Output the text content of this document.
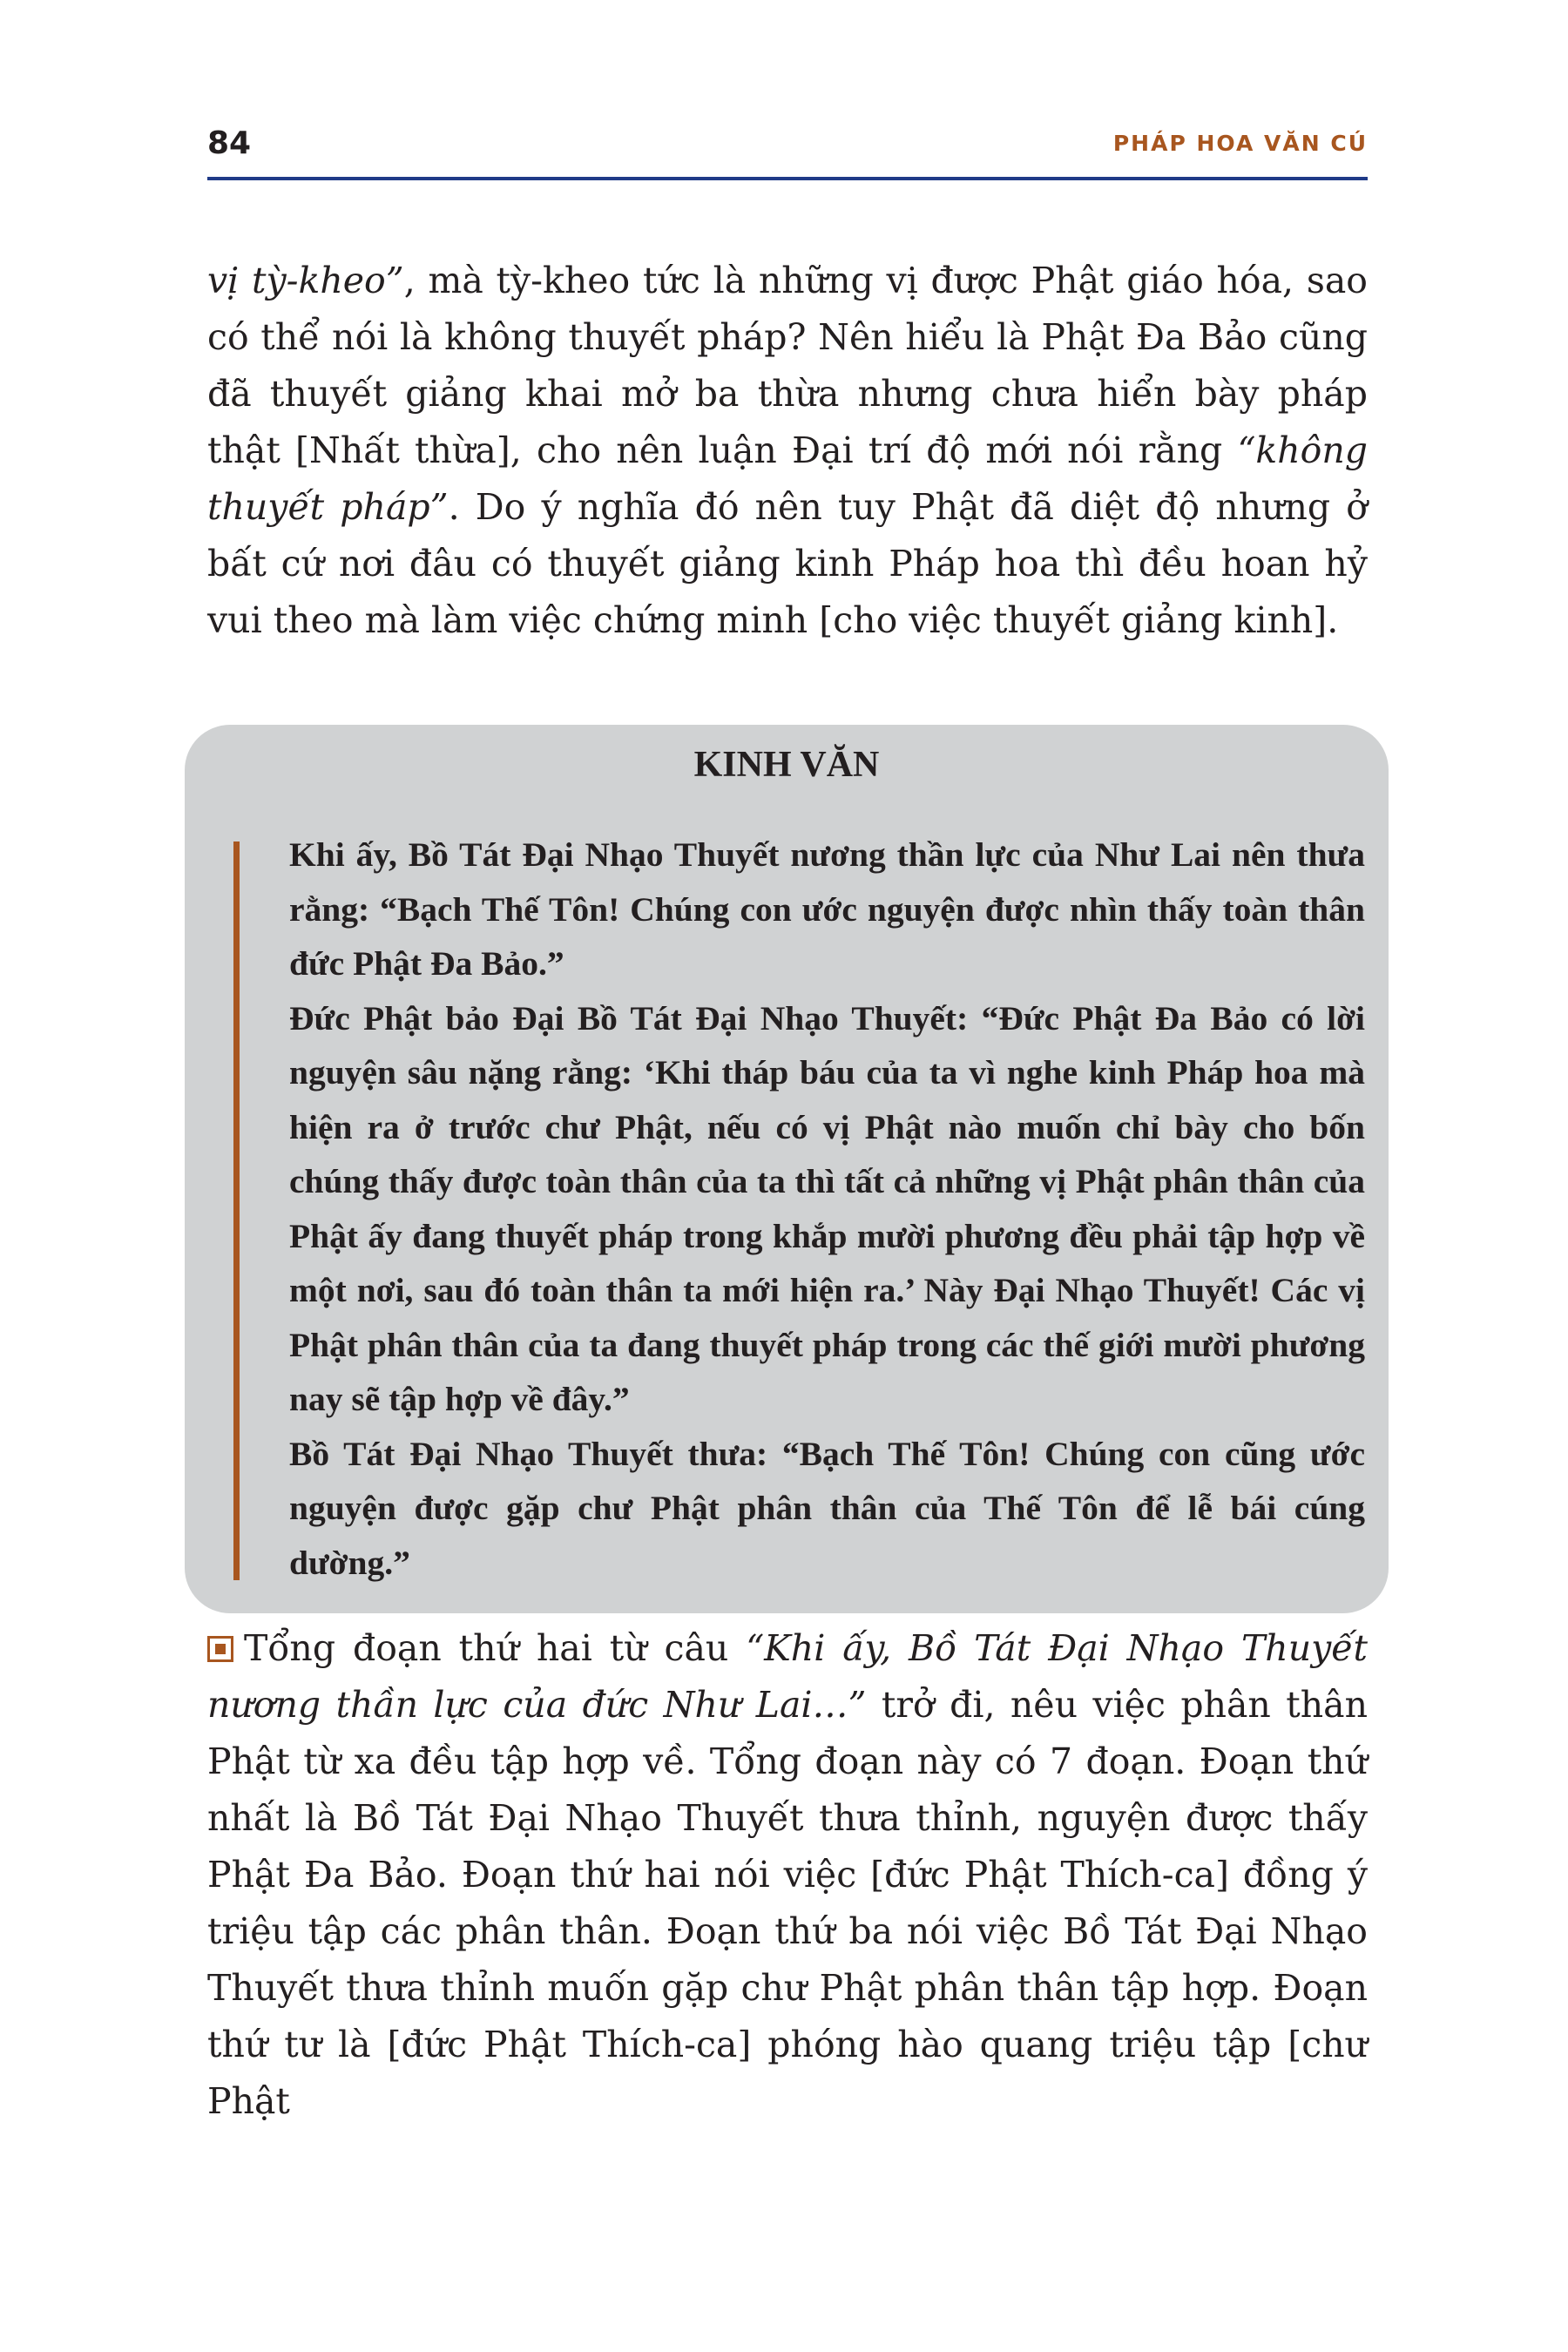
84	PHÁP HOA VĂN CÚ

vị tỳ-kheo”, mà tỳ-kheo tức là những vị được Phật giáo hóa, sao có thể nói là không thuyết pháp? Nên hiểu là Phật Đa Bảo cũng đã thuyết giảng khai mở ba thừa nhưng chưa hiển bày pháp thật [Nhất thừa], cho nên luận Đại trí độ mới nói rằng “không thuyết pháp”. Do ý nghĩa đó nên tuy Phật đã diệt độ nhưng ở bất cứ nơi đâu có thuyết giảng kinh Pháp hoa thì đều hoan hỷ vui theo mà làm việc chứng minh [cho việc thuyết giảng kinh].

KINH VĂN

Khi ấy, Bồ Tát Đại Nhạo Thuyết nương thần lực của Như Lai nên thưa rằng: “Bạch Thế Tôn! Chúng con ước nguyện được nhìn thấy toàn thân đức Phật Đa Bảo.”

Đức Phật bảo Đại Bồ Tát Đại Nhạo Thuyết: “Đức Phật Đa Bảo có lời nguyện sâu nặng rằng: ‘Khi tháp báu của ta vì nghe kinh Pháp hoa mà hiện ra ở trước chư Phật, nếu có vị Phật nào muốn chỉ bày cho bốn chúng thấy được toàn thân của ta thì tất cả những vị Phật phân thân của Phật ấy đang thuyết pháp trong khắp mười phương đều phải tập hợp về một nơi, sau đó toàn thân ta mới hiện ra.’ Này Đại Nhạo Thuyết! Các vị Phật phân thân của ta đang thuyết pháp trong các thế giới mười phương nay sẽ tập hợp về đây.”

Bồ Tát Đại Nhạo Thuyết thưa: “Bạch Thế Tôn! Chúng con cũng ước nguyện được gặp chư Phật phân thân của Thế Tôn để lễ bái cúng dường.”

Tổng đoạn thứ hai từ câu “Khi ấy, Bồ Tát Đại Nhạo Thuyết nương thần lực của đức Như Lai…” trở đi, nêu việc phân thân Phật từ xa đều tập hợp về. Tổng đoạn này có 7 đoạn. Đoạn thứ nhất là Bồ Tát Đại Nhạo Thuyết thưa thỉnh, nguyện được thấy Phật Đa Bảo. Đoạn thứ hai nói việc [đức Phật Thích-ca] đồng ý triệu tập các phân thân. Đoạn thứ ba nói việc Bồ Tát Đại Nhạo Thuyết thưa thỉnh muốn gặp chư Phật phân thân tập hợp. Đoạn thứ tư là [đức Phật Thích-ca] phóng hào quang triệu tập [chư Phật
